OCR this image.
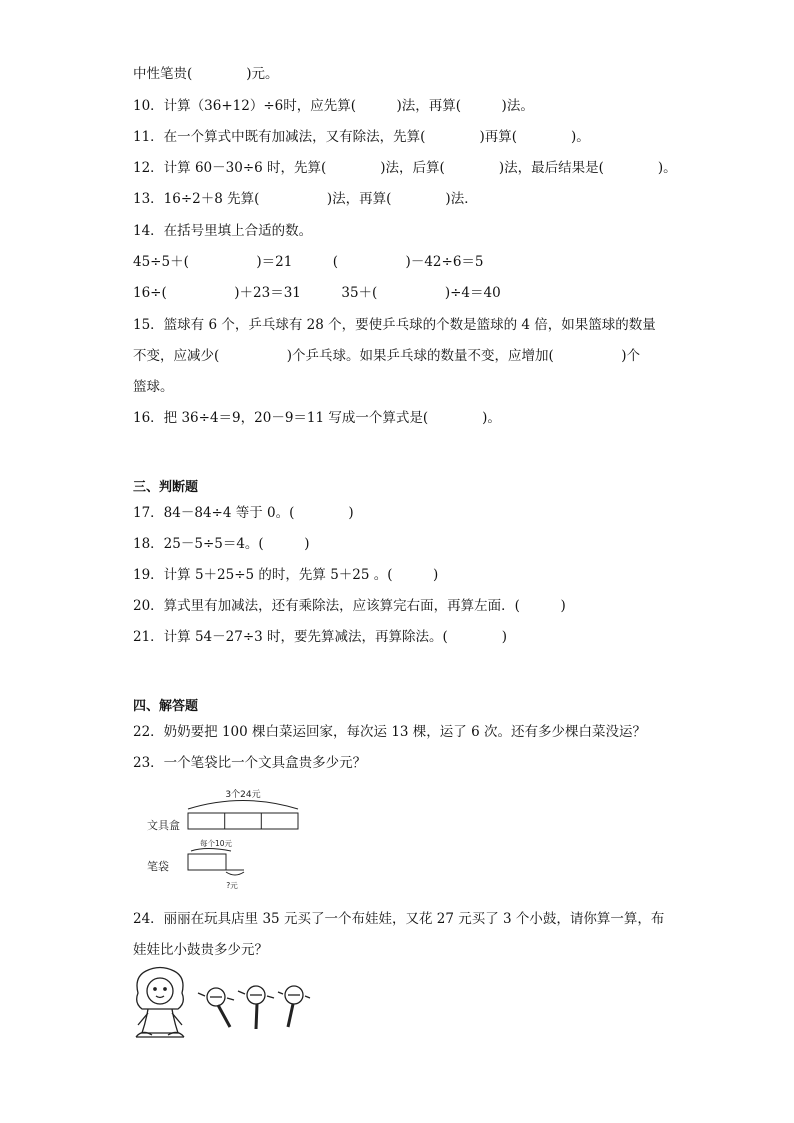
中性笔贵(　　　　)元。
10．计算（36+12）÷6时，应先算(　　　)法，再算(　　　)法。
11．在一个算式中既有加减法，又有除法，先算(　　　　)再算(　　　　)。
12．计算 60－30÷6 时，先算(　　　　)法，后算(　　　　)法，最后结果是(　　　　)。
13．16÷2＋8 先算(　　　　　)法，再算(　　　　)法．
14．在括号里填上合适的数。
45÷5＋(　　　　　)＝21　　　(　　　　　)－42÷6＝5
16÷(　　　　　)＋23＝31　　　35＋(　　　　　)÷4＝40
15．篮球有 6 个，乒乓球有 28 个，要使乒乓球的个数是篮球的 4 倍，如果篮球的数量
不变，应减少(　　　　　)个乒乓球。如果乒乓球的数量不变，应增加(　　　　　)个
篮球。
16．把 36÷4＝9，20－9＝11 写成一个算式是(　　　　)。
三、判断题
17．84－84÷4 等于 0。(　　　　)
18．25－5÷5＝4。(　　　)
19．计算 5＋25÷5 的时，先算 5＋25 。(　　　)
20．算式里有加减法，还有乘除法，应该算完右面，再算左面．(　　　)
21．计算 54－27÷3 时，要先算减法，再算除法。(　　　　)
四、解答题
22．奶奶要把 100 棵白菜运回家，每次运 13 棵，运了 6 次。还有多少棵白菜没运？
23．一个笔袋比一个文具盒贵多少元？
3个24元
文具盒
每个10元
笔袋
?元
24．丽丽在玩具店里 35 元买了一个布娃娃，又花 27 元买了 3 个小鼓，请你算一算，布
娃娃比小鼓贵多少元？
